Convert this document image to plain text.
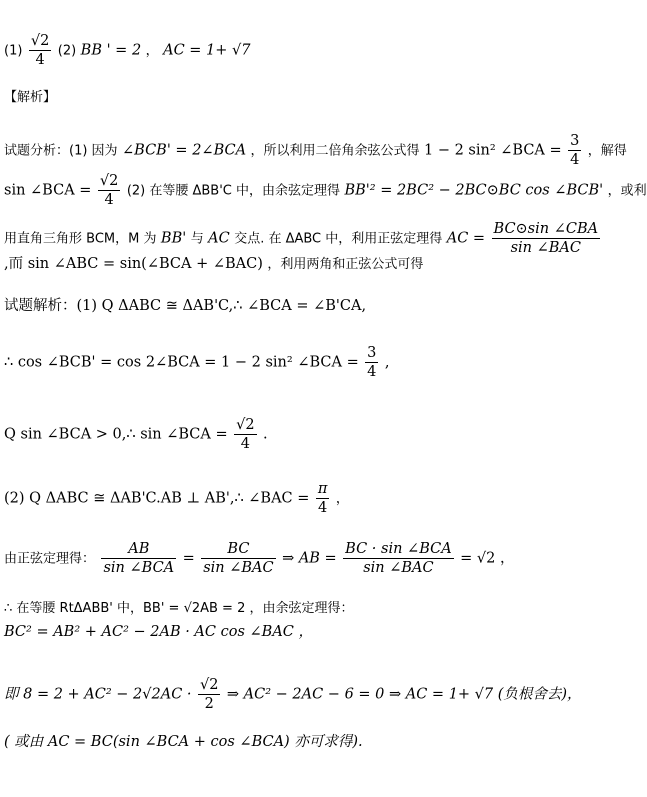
$(1) \frac{√2}{4} (2)$ BB ' = 2 ， AC = 1+ √7
【解析】
试题分析：(1) 因为 ∠BCB' = 2∠BCA ，所以利用二倍角余弦公式得 1 − 2 sin² ∠BCA = $\frac{3}{4}$ ，解得
sin ∠BCA = $\frac{√2}{4} (2)$ 在等腰 ΔBB'C 中，由余弦定理得 BB'² = 2BC² − 2BC⊙BC cos ∠BCB' ，或利
用直角三角形 BCM，M 为 BB' 与 AC 交点. 在 ΔABC 中，利用正弦定理得 AC = $\frac{\text{BC⊙sin ∠CBA}}{\text{sin ∠BAC}}$
,而 sin ∠ABC = sin(∠BCA + ∠BAC) ，利用两角和正弦公式可得
试题解析：(1) Q ΔABC ≅ ΔAB'C,∴ ∠BCA = ∠B'CA,
∴ cos ∠BCB' = cos 2∠BCA = 1 − 2 sin² ∠BCA = $\frac{3}{4}$ ,
Q sin ∠BCA > 0,∴ sin ∠BCA = $\frac{√2}{4}$ .
(2) Q ΔABC ≅ ΔAB'C.AB ⊥ AB',∴ ∠BAC = $\frac{\pi}{4}$ ，
由正弦定理得： $\frac{AB}{\text{sin ∠BCA}} = \frac{BC}{\text{sin ∠BAC}}$ ⇒ AB = $\frac{\text{BC · sin ∠BCA}}{\text{sin ∠BAC}} = √2$ ，
∴ 在等腰 RtΔABB' 中，BB' = √2AB = 2 ，由余弦定理得：
BC² = AB² + AC² − 2AB · AC cos ∠BAC ，
即 $8 = 2 + AC^2 - 2√2AC \cdot \frac{√2}{2}$ ⇒ AC² − 2AC − 6 = 0 ⇒ AC = 1+ √7 (负根舍去)，
( 或由 AC = BC(sin ∠BCA + cos ∠BCA) 亦可求得).
